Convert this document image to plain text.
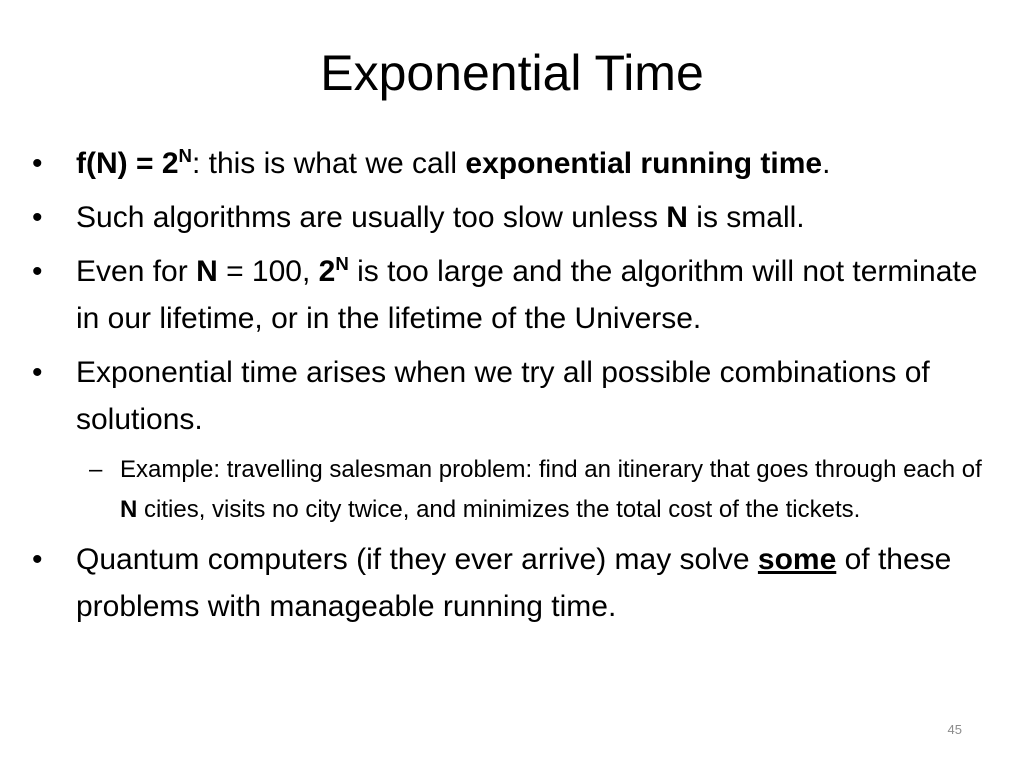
Exponential Time
•	$f(N) = 2^N$: this is what we call exponential running time.
•	Such algorithms are usually too slow unless N is small.
•	Even for N = 100, $2^N$ is too large and the algorithm will not terminate in our lifetime, or in the lifetime of the Universe.
•	Exponential time arises when we try all possible combinations of solutions.
– Example: travelling salesman problem: find an itinerary that goes through each of N cities, visits no city twice, and minimizes the total cost of the tickets.
•	Quantum computers (if they ever arrive) may solve some of these problems with manageable running time.
45
